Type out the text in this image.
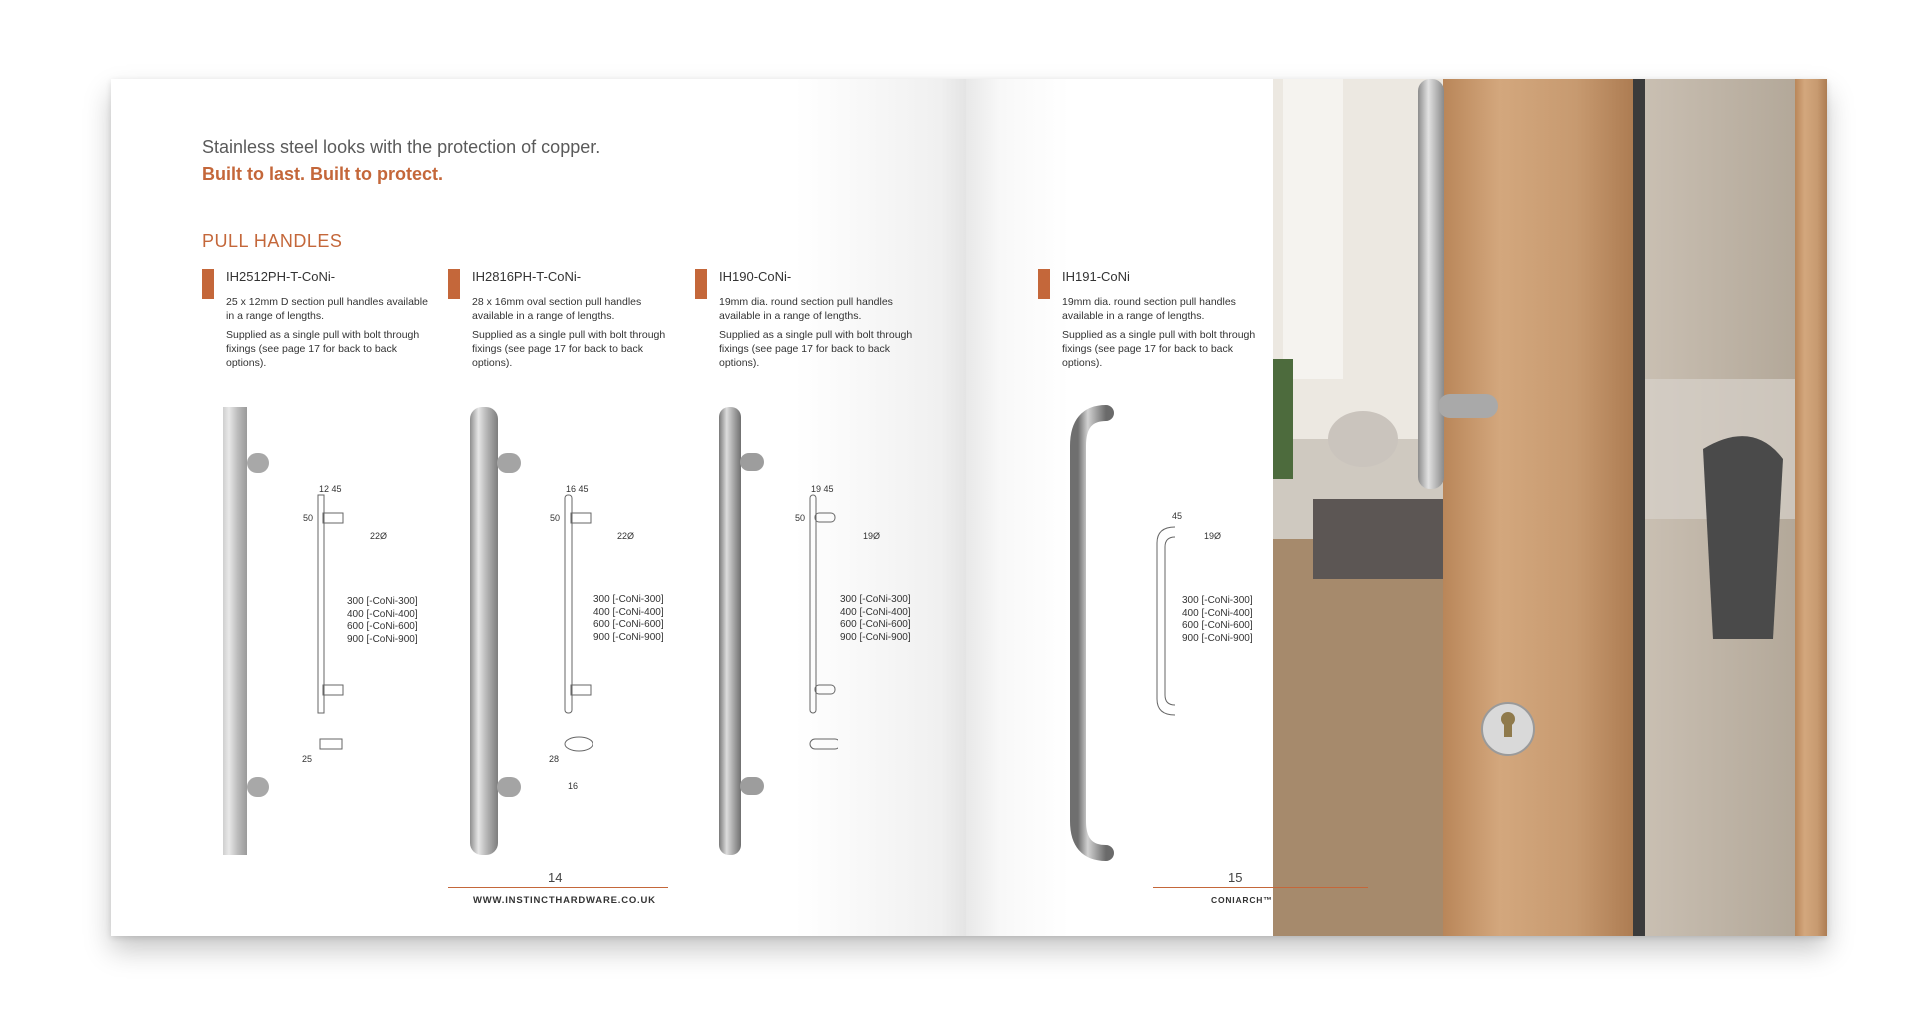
Stainless steel looks with the protection of copper.
Built to last. Built to protect.
PULL HANDLES
IH2512PH-T-CoNi-

25 x 12mm D section pull handles available in a range of lengths.

Supplied as a single pull with bolt through fixings (see page 17 for back to back options).

12 45
50
22Ø
25
300 [-CoNi-300]
400 [-CoNi-400]
600 [-CoNi-600]
900 [-CoNi-900]
IH2816PH-T-CoNi-

28 x 16mm oval section pull handles available in a range of lengths.

Supplied as a single pull with bolt through fixings (see page 17 for back to back options).

16 45
50
22Ø
28
16
300 [-CoNi-300]
400 [-CoNi-400]
600 [-CoNi-600]
900 [-CoNi-900]
IH190-CoNi-

19mm dia. round section pull handles available in a range of lengths.

Supplied as a single pull with bolt through fixings (see page 17 for back to back options).

19 45
50
19Ø
300 [-CoNi-300]
400 [-CoNi-400]
600 [-CoNi-600]
900 [-CoNi-900]
14
WWW.INSTINCTHARDWARE.CO.UK
IH191-CoNi

19mm dia. round section pull handles available in a range of lengths.

Supplied as a single pull with bolt through fixings (see page 17 for back to back options).

45
19Ø
300 [-CoNi-300]
400 [-CoNi-400]
600 [-CoNi-600]
900 [-CoNi-900]
15
CONIARCH™
